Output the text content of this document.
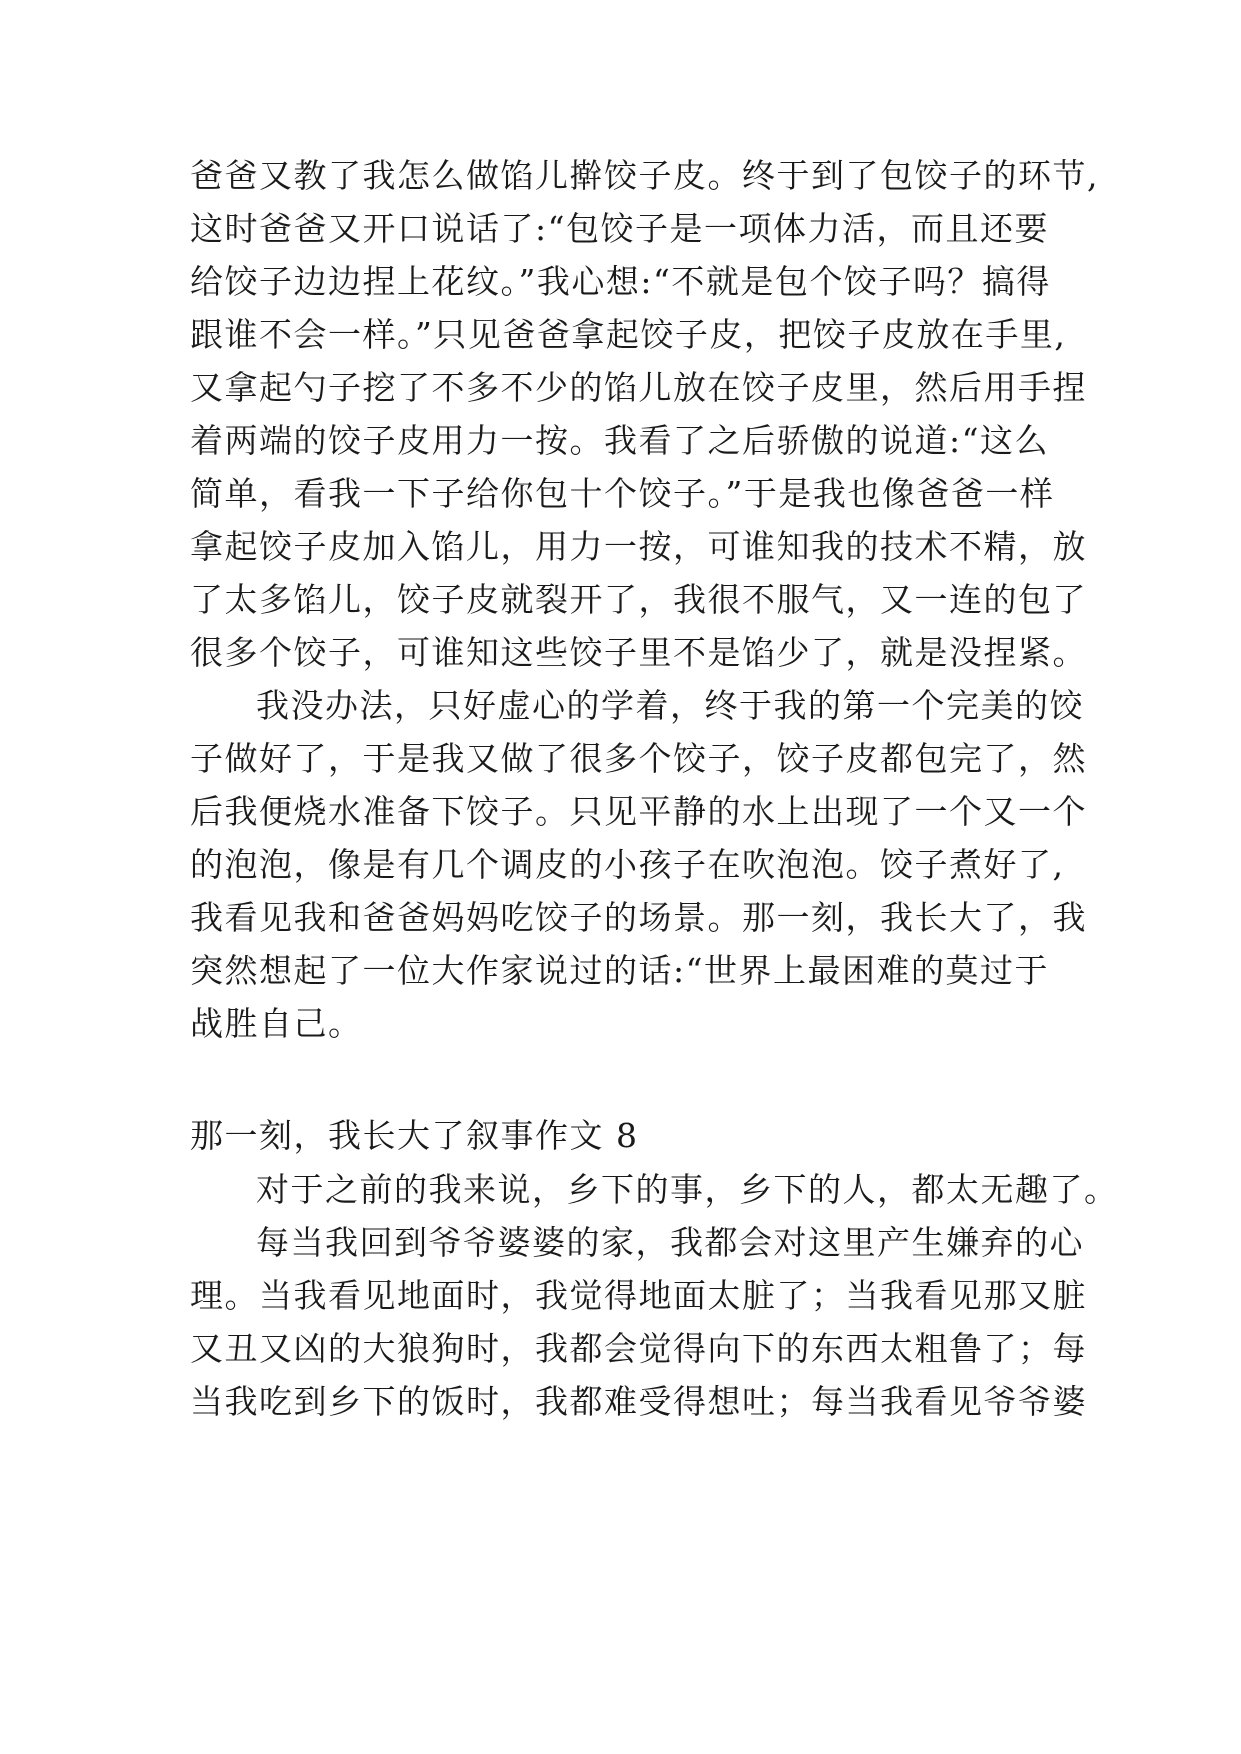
爸爸又教了我怎么做馅儿擀饺子皮。终于到了包饺子的环节,
这时爸爸又开口说话了:“包饺子是一项体力活，而且还要
给饺子边边捏上花纹。”我心想:“不就是包个饺子吗？搞得
跟谁不会一样。”只见爸爸拿起饺子皮，把饺子皮放在手里,
又拿起勺子挖了不多不少的馅儿放在饺子皮里，然后用手捏
着两端的饺子皮用力一按。我看了之后骄傲的说道:“这么
简单，看我一下子给你包十个饺子。”于是我也像爸爸一样
拿起饺子皮加入馅儿，用力一按，可谁知我的技术不精，放
了太多馅儿，饺子皮就裂开了，我很不服气，又一连的包了
很多个饺子，可谁知这些饺子里不是馅少了，就是没捏紧。
我没办法，只好虚心的学着，终于我的第一个完美的饺
子做好了，于是我又做了很多个饺子，饺子皮都包完了，然
后我便烧水准备下饺子。只见平静的水上出现了一个又一个
的泡泡，像是有几个调皮的小孩子在吹泡泡。饺子煮好了,
我看见我和爸爸妈妈吃饺子的场景。那一刻，我长大了，我
突然想起了一位大作家说过的话:“世界上最困难的莫过于
战胜自己。
那一刻，我长大了叙事作文 8
对于之前的我来说，乡下的事，乡下的人，都太无趣了。
每当我回到爷爷婆婆的家，我都会对这里产生嫌弃的心
理。当我看见地面时，我觉得地面太脏了；当我看见那又脏
又丑又凶的大狼狗时，我都会觉得向下的东西太粗鲁了；每
当我吃到乡下的饭时，我都难受得想吐；每当我看见爷爷婆
